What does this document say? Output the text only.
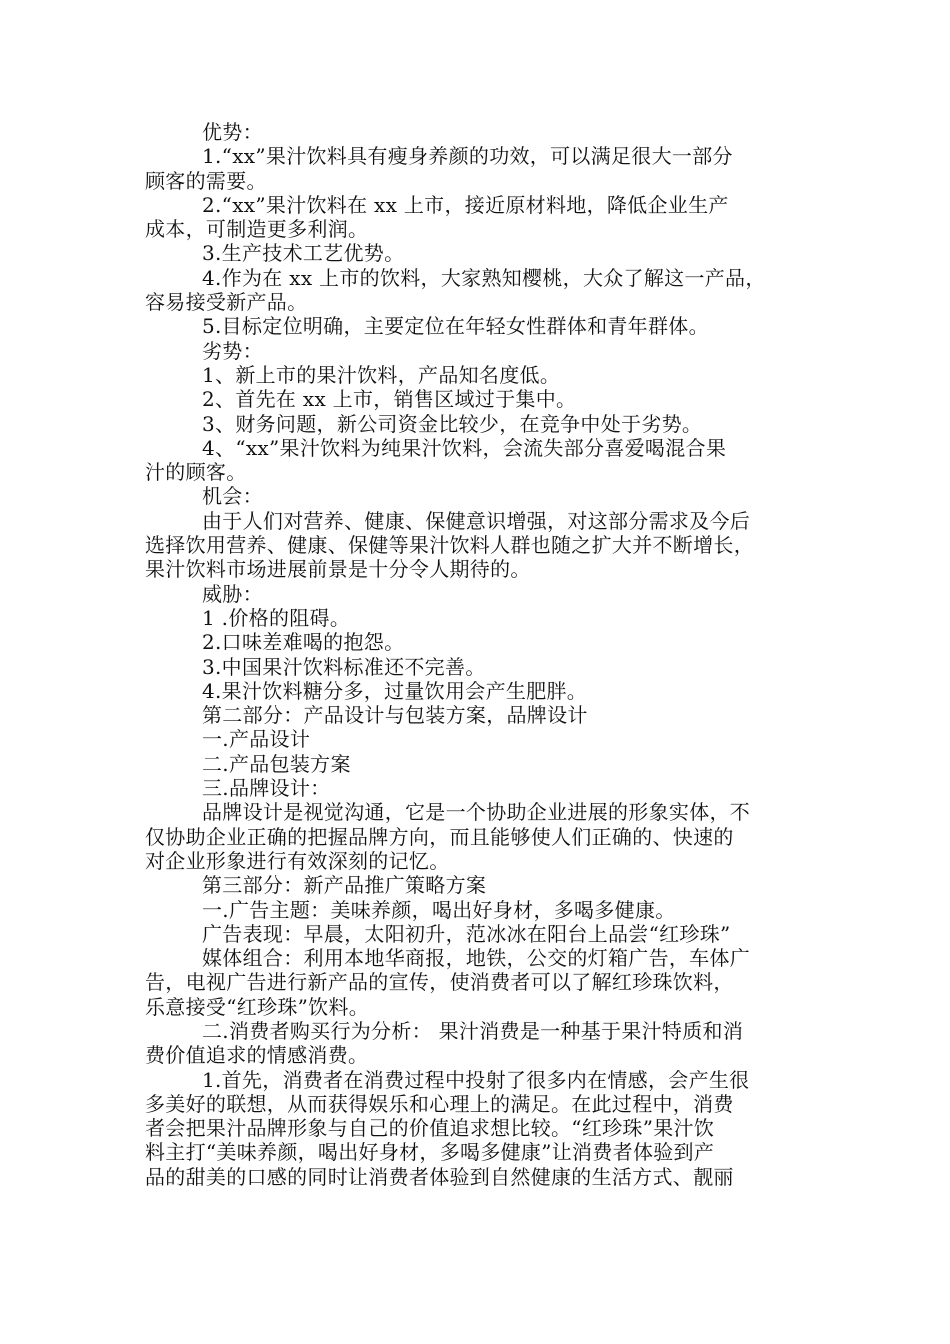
优势：
1.“xx”果汁饮料具有瘦身养颜的功效，可以满足很大一部分
顾客的需要。
2.“xx”果汁饮料在 xx 上市，接近原材料地，降低企业生产
成本，可制造更多利润。
3.生产技术工艺优势。
4.作为在 xx 上市的饮料，大家熟知樱桃，大众了解这一产品，
容易接受新产品。
5.目标定位明确，主要定位在年轻女性群体和青年群体。
劣势：
1、新上市的果汁饮料，产品知名度低。
2、首先在 xx 上市，销售区域过于集中。
3、财务问题，新公司资金比较少，在竞争中处于劣势。
4、“xx”果汁饮料为纯果汁饮料，会流失部分喜爱喝混合果
汁的顾客。
机会：
由于人们对营养、健康、保健意识增强，对这部分需求及今后
选择饮用营养、健康、保健等果汁饮料人群也随之扩大并不断增长，
果汁饮料市场进展前景是十分令人期待的。
威胁：
1 .价格的阻碍。
2.口味差难喝的抱怨。
3.中国果汁饮料标准还不完善。
4.果汁饮料糖分多，过量饮用会产生肥胖。
第二部分：产品设计与包装方案，品牌设计
一.产品设计
二.产品包装方案
三.品牌设计：
品牌设计是视觉沟通，它是一个协助企业进展的形象实体，不
仅协助企业正确的把握品牌方向，而且能够使人们正确的、快速的
对企业形象进行有效深刻的记忆。
第三部分：新产品推广策略方案
一.广告主题：美味养颜，喝出好身材，多喝多健康。
广告表现：早晨，太阳初升，范冰冰在阳台上品尝“红珍珠”
媒体组合：利用本地华商报，地铁，公交的灯箱广告，车体广
告，电视广告进行新产品的宣传，使消费者可以了解红珍珠饮料，
乐意接受“红珍珠”饮料。
二.消费者购买行为分析： 果汁消费是一种基于果汁特质和消
费价值追求的情感消费。
1.首先，消费者在消费过程中投射了很多内在情感，会产生很
多美好的联想，从而获得娱乐和心理上的满足。在此过程中，消费
者会把果汁品牌形象与自己的价值追求想比较。“红珍珠”果汁饮
料主打“美味养颜，喝出好身材，多喝多健康”让消费者体验到产
品的甜美的口感的同时让消费者体验到自然健康的生活方式、靓丽
